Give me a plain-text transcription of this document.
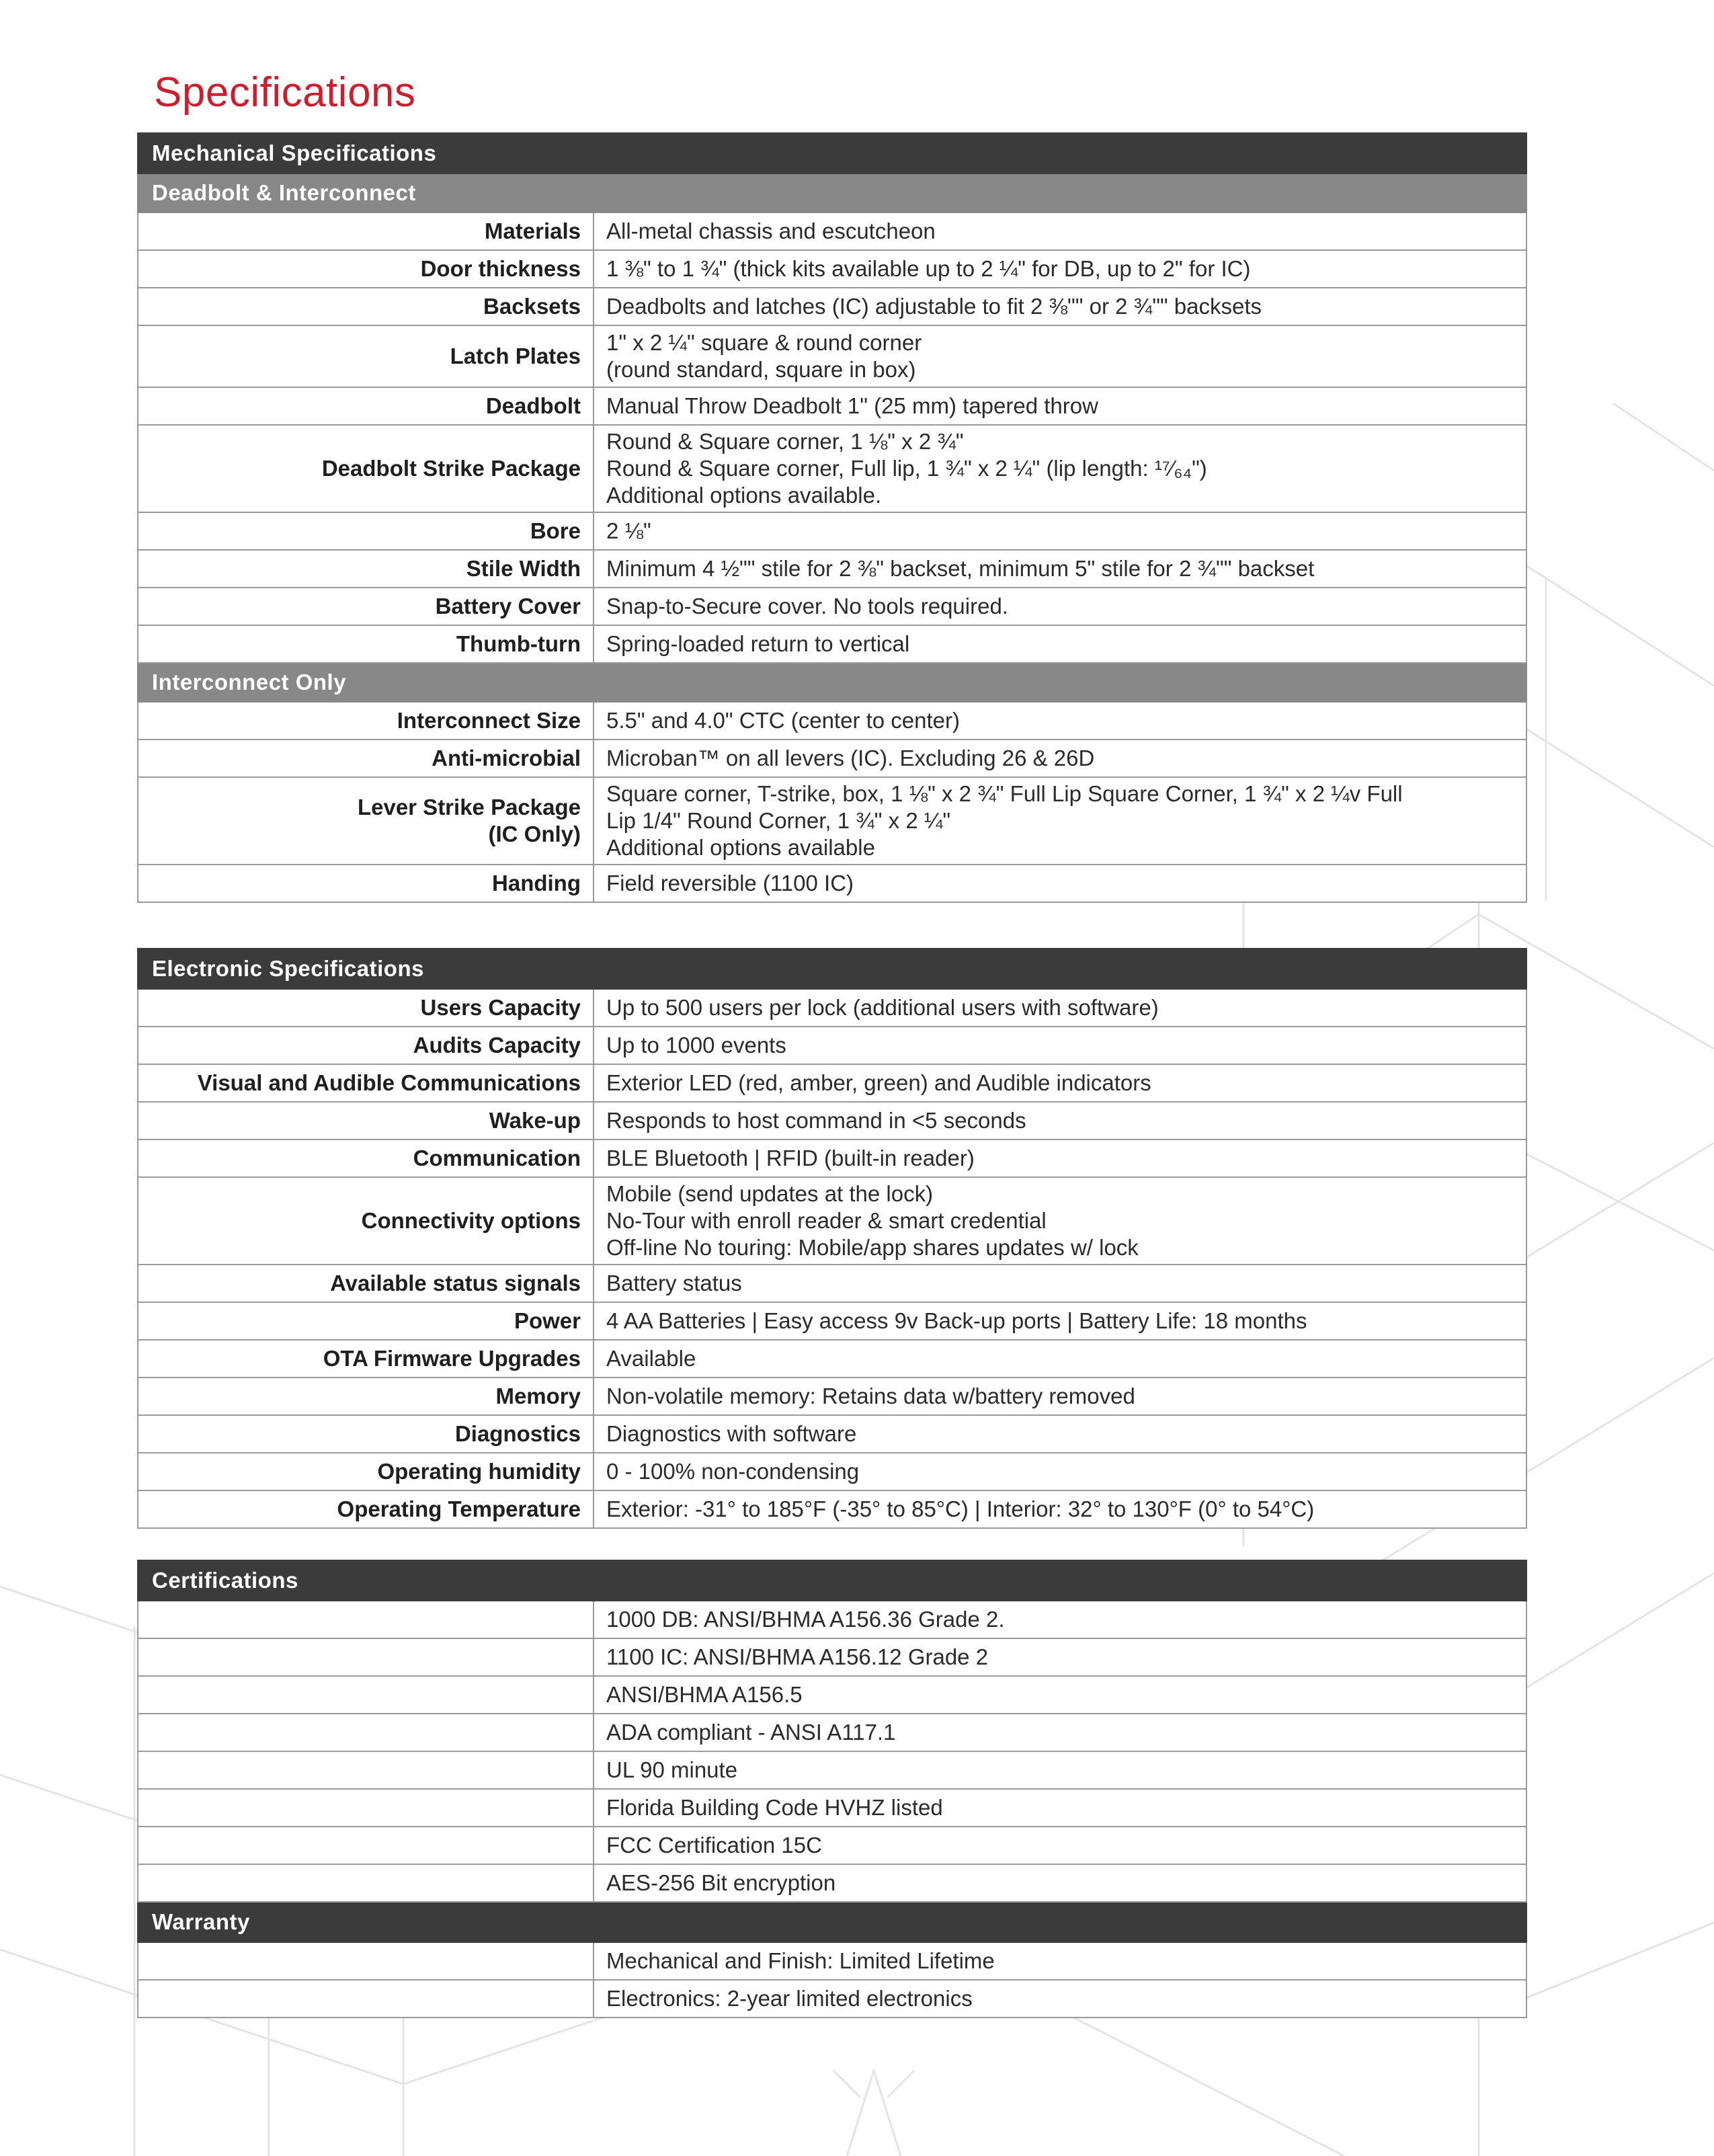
Specifications
Mechanical Specifications	
Deadbolt & Interconnect	
Materials	All-metal chassis and escutcheon

Door thickness	1 ⅜" to 1 ¾" (thick kits available up to 2 ¼" for DB, up to 2" for IC)

Backsets	Deadbolts and latches (IC) adjustable to fit 2 ⅜"" or 2 ¾"" backsets

Latch Plates	1" x 2 ¼" square & round corner
(round standard, square in box)

Deadbolt	Manual Throw Deadbolt 1" (25 mm) tapered throw

Deadbolt Strike Package	Round & Square corner, 1 ⅛" x 2 ¾"
Round & Square corner, Full lip, 1 ¾" x 2 ¼" (lip length: ¹⁷⁄₆₄")
Additional options available.

Bore	2 ⅛"

Stile Width	Minimum 4 ½"" stile for 2 ⅜" backset, minimum 5" stile for 2 ¾"" backset

Battery Cover	Snap-to-Secure cover. No tools required.

Thumb-turn	Spring-loaded return to vertical

Interconnect Only	
Interconnect Size	5.5" and 4.0" CTC (center to center)

Anti-microbial	Microban™ on all levers (IC). Excluding 26 & 26D

Lever Strike Package
(IC Only)	Square corner, T-strike, box, 1 ⅛" x 2 ¾" Full Lip Square Corner, 1 ¾" x 2 ¼v Full
Lip 1/4" Round Corner, 1 ¾" x 2 ¼"
Additional options available

Handing	Field reversible (1100 IC)
Electronic Specifications	
Users Capacity	Up to 500 users per lock (additional users with software)

Audits Capacity	Up to 1000 events

Visual and Audible Communications	Exterior LED (red, amber, green) and Audible indicators

Wake-up	Responds to host command in <5 seconds

Communication	BLE Bluetooth | RFID (built-in reader)

Connectivity options	Mobile (send updates at the lock)
No-Tour with enroll reader & smart credential
Off-line No touring: Mobile/app shares updates w/ lock

Available status signals	Battery status

Power	4 AA Batteries | Easy access 9v Back-up ports | Battery Life: 18 months

OTA Firmware Upgrades	Available

Memory	Non-volatile memory: Retains data w/battery removed

Diagnostics	Diagnostics with software

Operating humidity	0 - 100% non-condensing

Operating Temperature	Exterior: -31° to 185°F (-35° to 85°C) | Interior: 32° to 130°F (0° to 54°C)
Certifications	
	1000 DB: ANSI/BHMA A156.36 Grade 2.
	1100 IC: ANSI/BHMA A156.12 Grade 2
	ANSI/BHMA A156.5
	ADA compliant - ANSI A117.1
	UL 90 minute
	Florida Building Code HVHZ listed
	FCC Certification 15C
	AES-256 Bit encryption
Warranty	
	Mechanical and Finish: Limited Lifetime
	Electronics: 2-year limited electronics
